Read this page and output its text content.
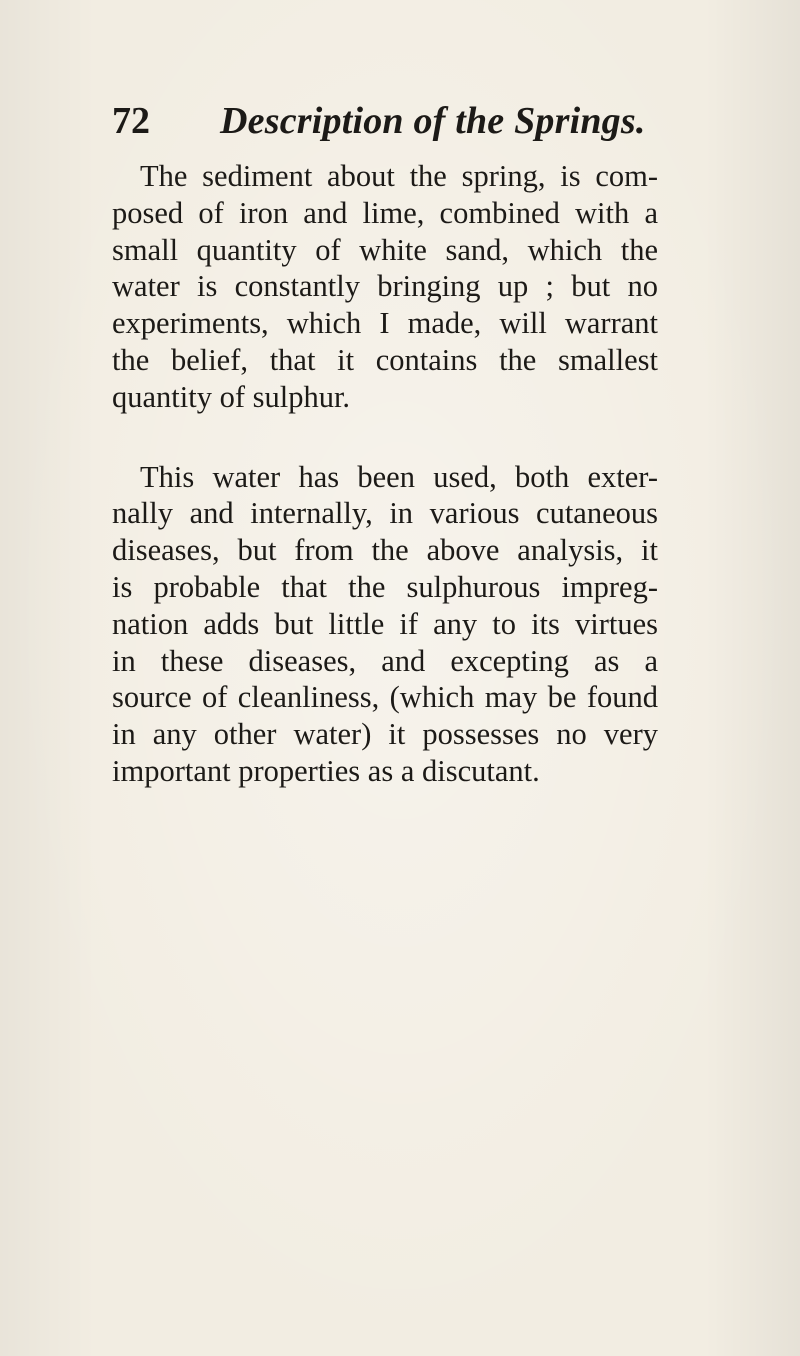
72 Description of the Springs.
The sediment about the spring, is com-
posed of iron and lime, combined with a
small quantity of white sand, which the
water is constantly bringing up ; but no
experiments, which I made, will warrant
the belief, that it contains the smallest
quantity of sulphur.
This water has been used, both exter-
nally and internally, in various cutaneous
diseases, but from the above analysis, it
is probable that the sulphurous impreg-
nation adds but little if any to its virtues
in these diseases, and excepting as a
source of cleanliness, (which may be found
in any other water) it possesses no very
important properties as a discutant.
